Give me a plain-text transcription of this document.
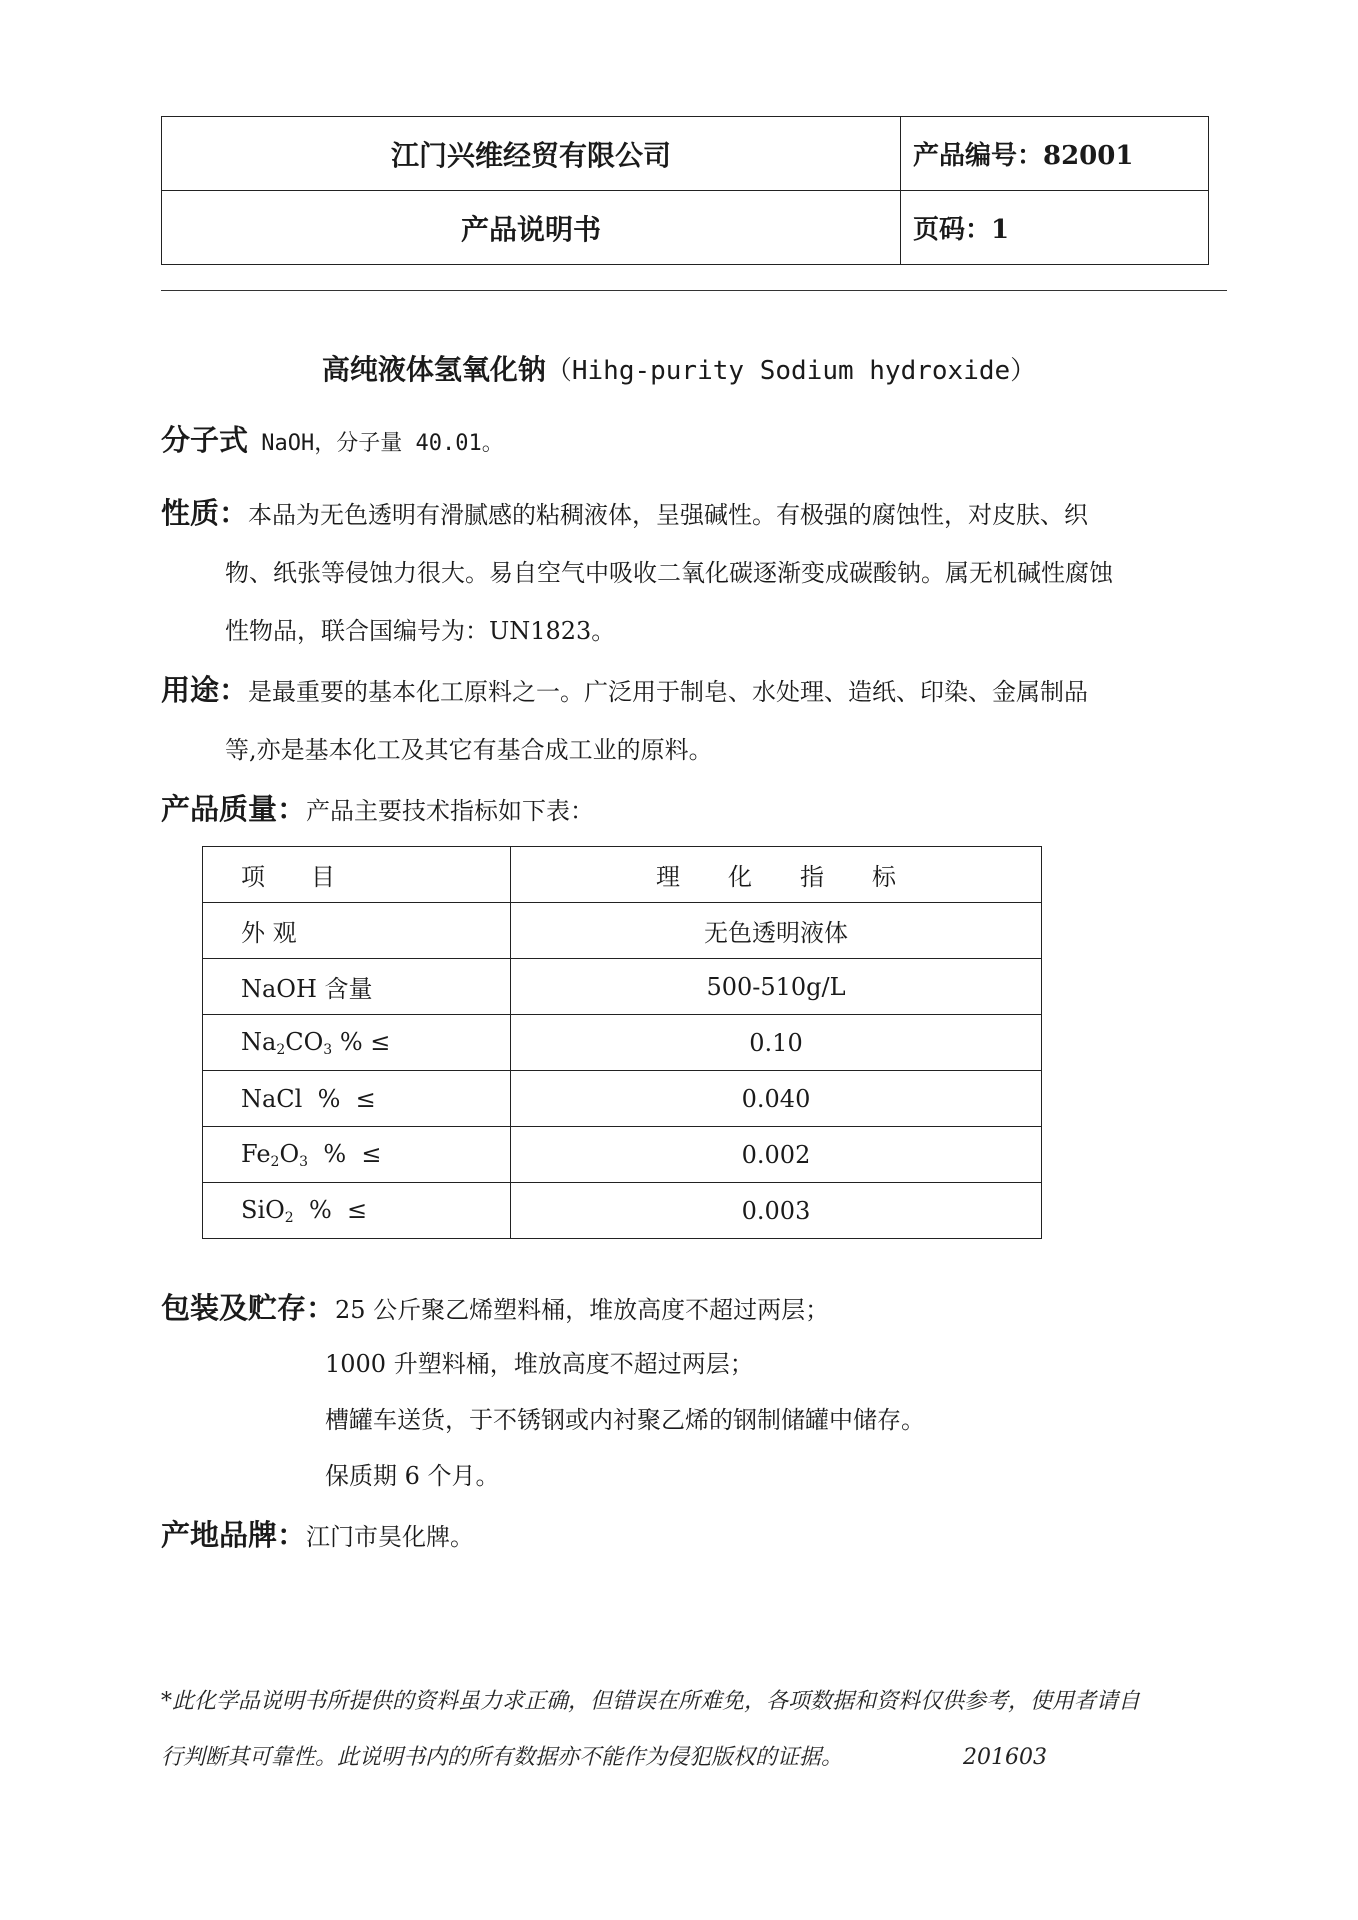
江门兴维经贸有限公司	产品编号：82001
产品说明书	页码：1
高纯液体氢氧化钠（Hihg-purity Sodium hydroxide）
分子式 NaOH，分子量 40.01。
性质：本品为无色透明有滑腻感的粘稠液体，呈强碱性。有极强的腐蚀性，对皮肤、织
物、纸张等侵蚀力很大。易自空气中吸收二氧化碳逐渐变成碳酸钠。属无机碱性腐蚀
性物品，联合国编号为：UN1823。
用途：是最重要的基本化工原料之一。广泛用于制皂、水处理、造纸、印染、金属制品
等,亦是基本化工及其它有基合成工业的原料。
产品质量：产品主要技术指标如下表：
项目	理化指标
外 观	无色透明液体
NaOH 含量	500-510g/L
$Na_2CO_3$ % ≤	0.10
NaCl  %  ≤	0.040
$Fe_2O_3$  %  ≤	0.002
SiO$_2$  %  ≤	0.003
包装及贮存：25 公斤聚乙烯塑料桶，堆放高度不超过两层；
1000 升塑料桶，堆放高度不超过两层；
槽罐车送货，于不锈钢或内衬聚乙烯的钢制储罐中储存。
保质期 6 个月。
产地品牌：江门市昊化牌。
*此化学品说明书所提供的资料虽力求正确，但错误在所难免，各项数据和资料仅供参考，使用者请自
行判断其可靠性。此说明书内的所有数据亦不能作为侵犯版权的证据。	201603
